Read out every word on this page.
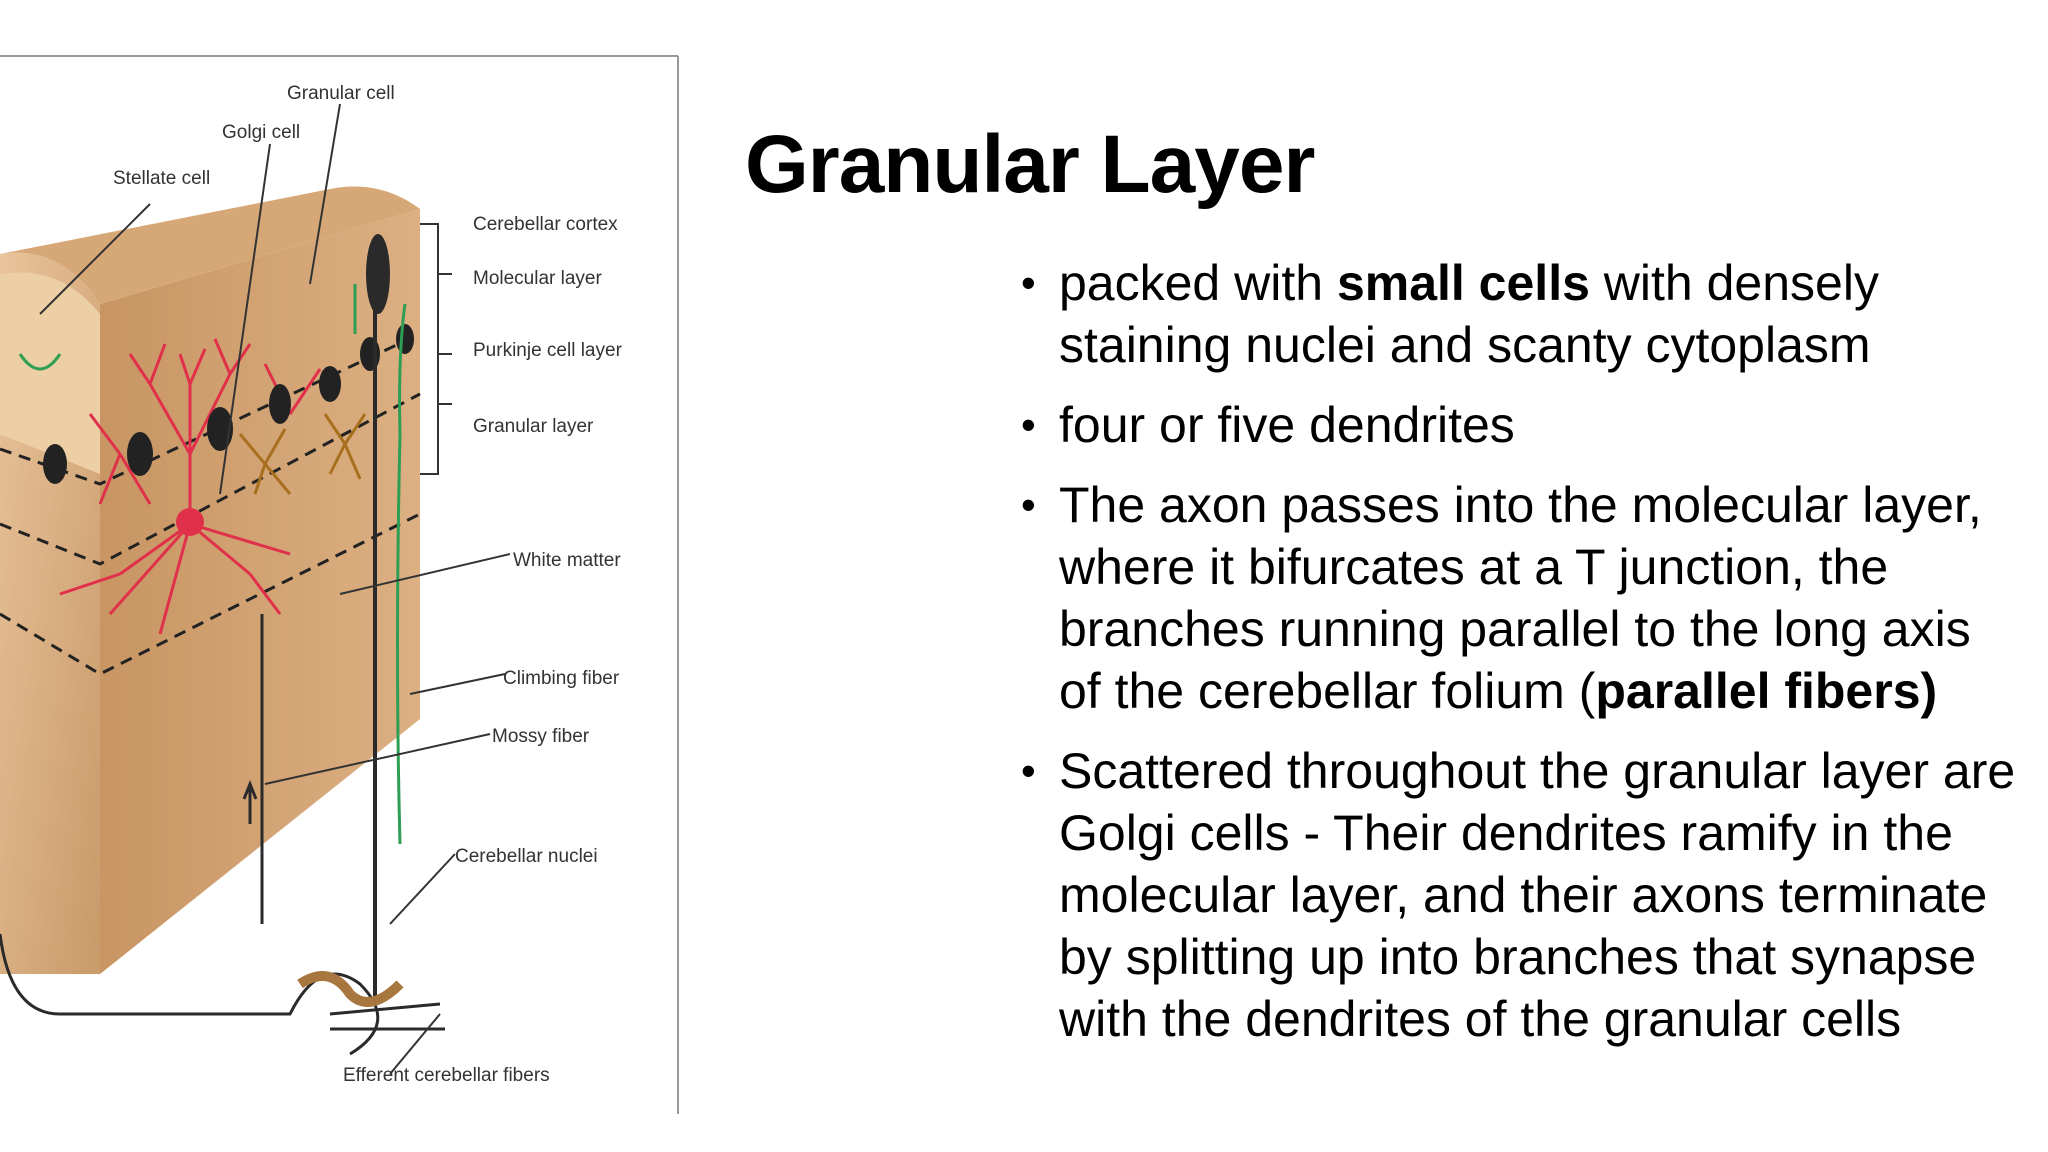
Granular cell
Golgi cell
Stellate cell
Cerebellar cortex
Molecular layer
Purkinje cell layer
Granular layer
White matter
Climbing fiber
Mossy fiber
Cerebellar nuclei
Efferent cerebellar fibers
Granular Layer
• packed with small cells with densely staining nuclei and scanty cytoplasm
• four or five dendrites
• The axon passes into the molecular layer, where it bifurcates at a T junction, the branches running parallel to the long axis of the cerebellar folium (parallel fibers)
• Scattered throughout the granular layer are Golgi cells - Their dendrites ramify in the molecular layer, and their axons terminate by splitting up into branches that synapse with the dendrites of the granular cells
